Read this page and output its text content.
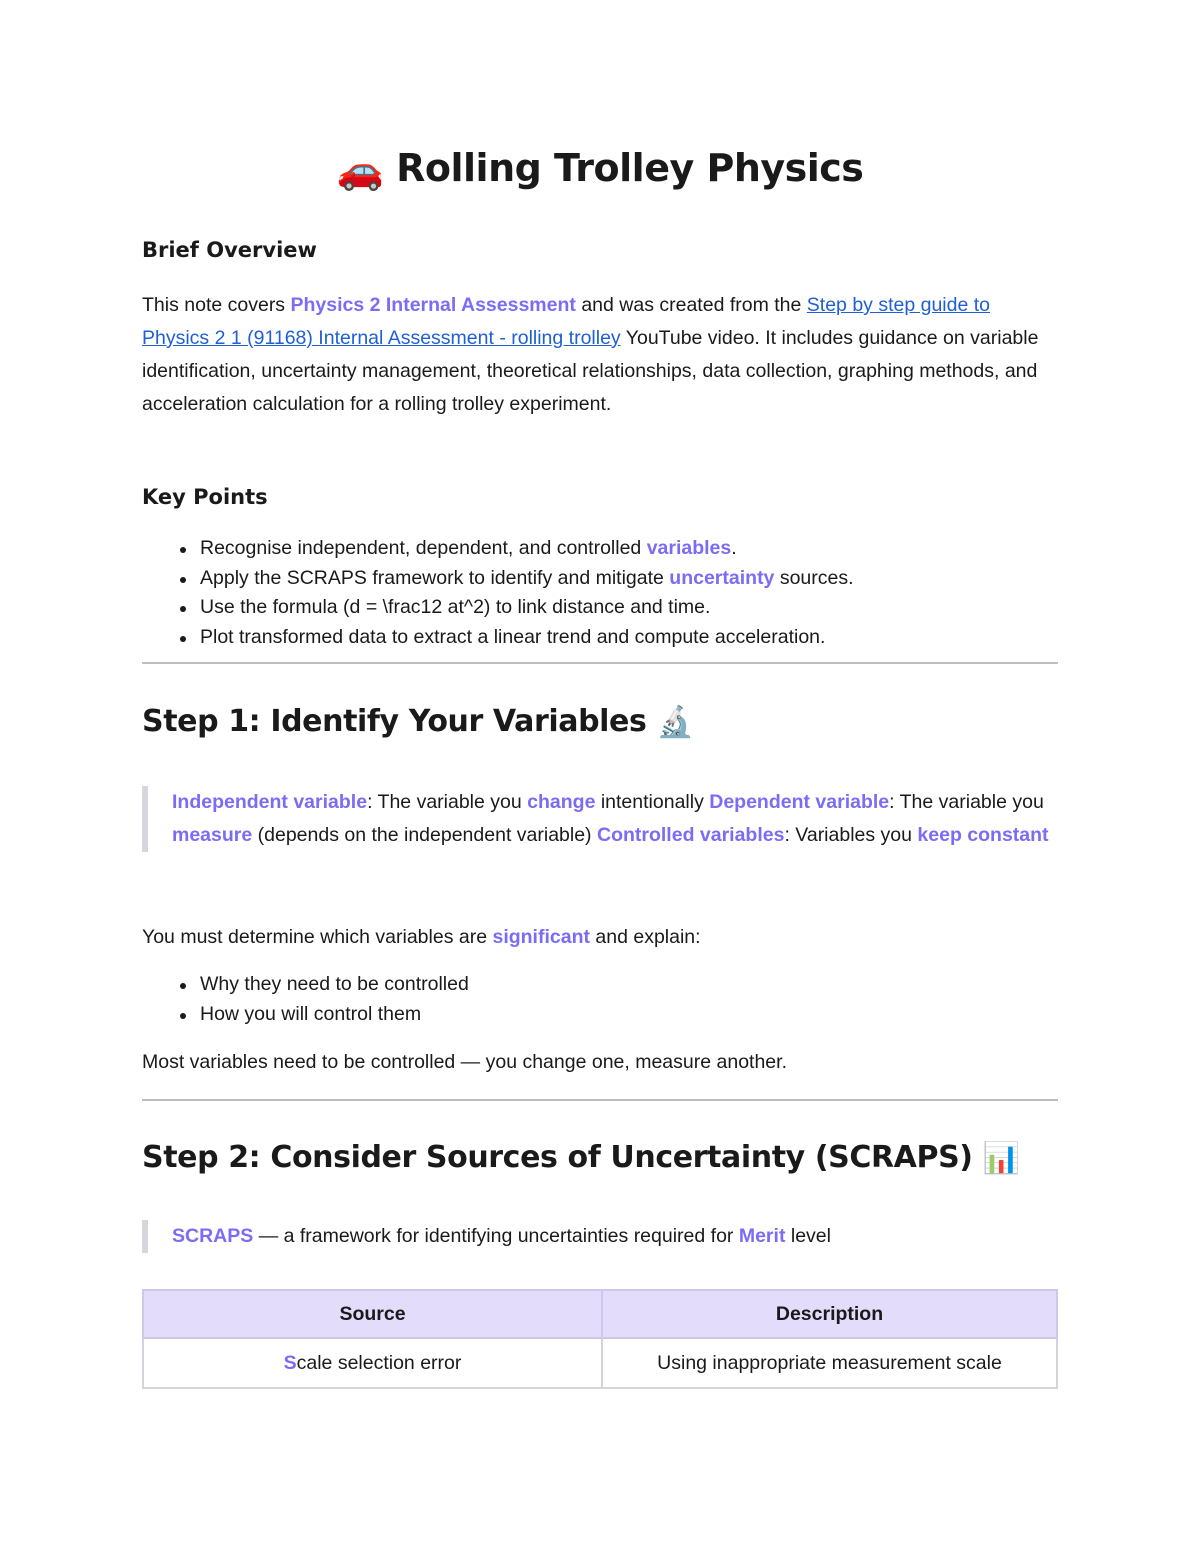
🚗 Rolling Trolley Physics
Brief Overview

This note covers Physics 2 Internal Assessment and was created from the Step by step guide to Physics 2 1 (91168) Internal Assessment - rolling trolley YouTube video. It includes guidance on variable identification, uncertainty management, theoretical relationships, data collection, graphing methods, and acceleration calculation for a rolling trolley experiment.

Key Points
Recognise independent, dependent, and controlled variables.
Apply the SCRAPS framework to identify and mitigate uncertainty sources.
Use the formula (d = \frac12 at^2) to link distance and time.
Plot transformed data to extract a linear trend and compute acceleration.
Step 1: Identify Your Variables 🔬
Independent variable: The variable you change intentionally Dependent variable: The variable you measure (depends on the independent variable) Controlled variables: Variables you keep constant

You must determine which variables are significant and explain:

Why they need to be controlled
How you will control them

Most variables need to be controlled — you change one, measure another.

Step 2: Consider Sources of Uncertainty (SCRAPS) 📊
SCRAPS — a framework for identifying uncertainties required for Merit level
Source	Description
Scale selection error	Using inappropriate measurement scale
